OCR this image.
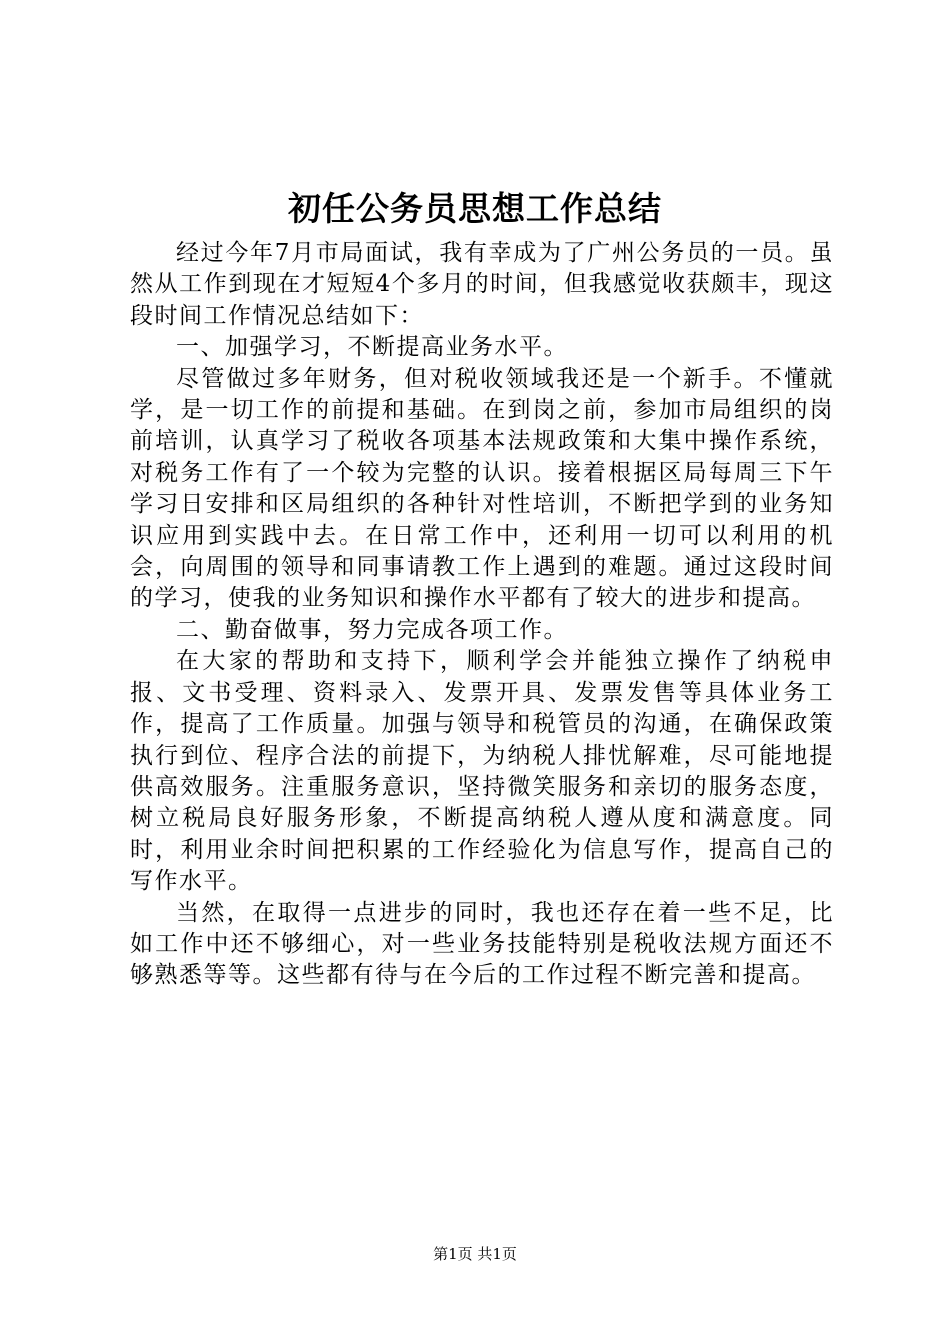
初任公务员思想工作总结

经过今年7月市局面试，我有幸成为了广州公务员的一员。虽然从工作到现在才短短4个多月的时间，但我感觉收获颇丰，现这段时间工作情况总结如下：

一、加强学习，不断提高业务水平。

尽管做过多年财务，但对税收领域我还是一个新手。不懂就学，是一切工作的前提和基础。在到岗之前，参加市局组织的岗前培训，认真学习了税收各项基本法规政策和大集中操作系统，对税务工作有了一个较为完整的认识。接着根据区局每周三下午学习日安排和区局组织的各种针对性培训，不断把学到的业务知识应用到实践中去。在日常工作中，还利用一切可以利用的机会，向周围的领导和同事请教工作上遇到的难题。通过这段时间的学习，使我的业务知识和操作水平都有了较大的进步和提高。

二、勤奋做事，努力完成各项工作。

在大家的帮助和支持下，顺利学会并能独立操作了纳税申报、文书受理、资料录入、发票开具、发票发售等具体业务工作，提高了工作质量。加强与领导和税管员的沟通，在确保政策执行到位、程序合法的前提下，为纳税人排忧解难，尽可能地提供高效服务。注重服务意识，坚持微笑服务和亲切的服务态度，树立税局良好服务形象，不断提高纳税人遵从度和满意度。同时，利用业余时间把积累的工作经验化为信息写作，提高自己的写作水平。

当然，在取得一点进步的同时，我也还存在着一些不足，比如工作中还不够细心，对一些业务技能特别是税收法规方面还不够熟悉等等。这些都有待与在今后的工作过程不断完善和提高。

第1页 共1页
